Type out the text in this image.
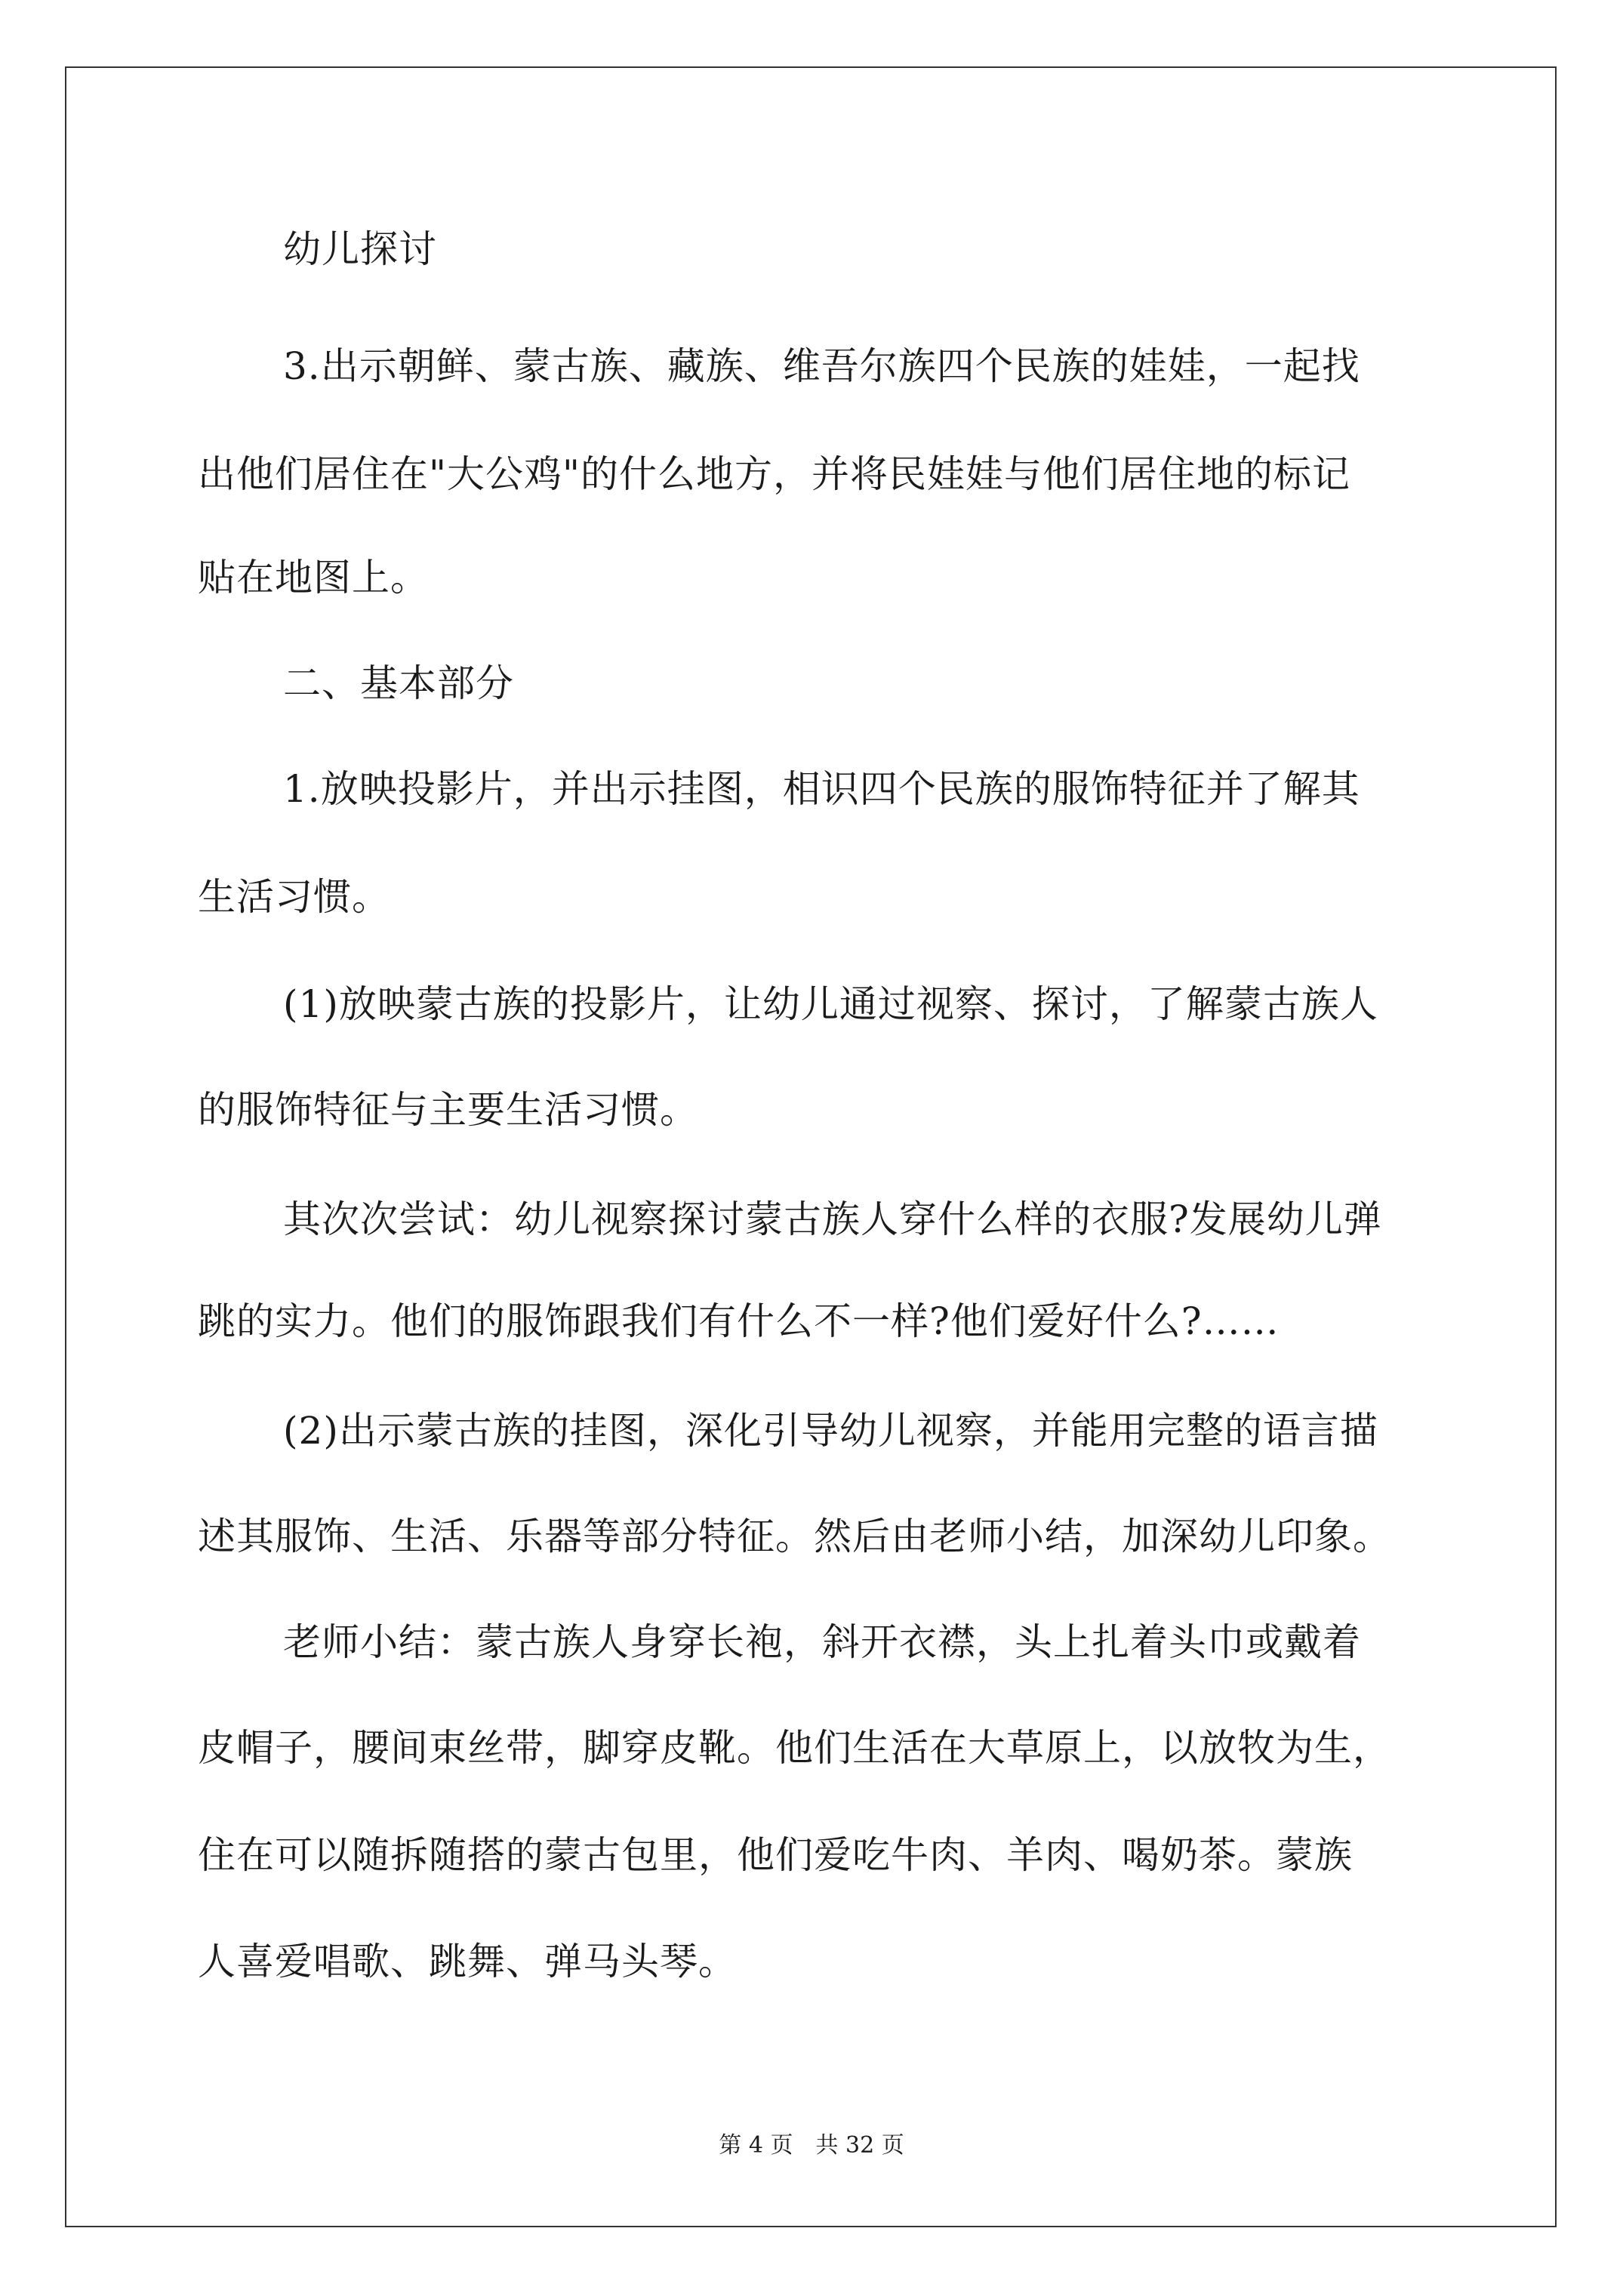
幼儿探讨
3.出示朝鲜、蒙古族、藏族、维吾尔族四个民族的娃娃，一起找
出他们居住在"大公鸡"的什么地方，并将民娃娃与他们居住地的标记
贴在地图上。
二、基本部分
1.放映投影片，并出示挂图，相识四个民族的服饰特征并了解其
生活习惯。
(1)放映蒙古族的投影片，让幼儿通过视察、探讨，了解蒙古族人
的服饰特征与主要生活习惯。
其次次尝试：幼儿视察探讨蒙古族人穿什么样的衣服?发展幼儿弹
跳的实力。他们的服饰跟我们有什么不一样?他们爱好什么?……
(2)出示蒙古族的挂图，深化引导幼儿视察，并能用完整的语言描
述其服饰、生活、乐器等部分特征。然后由老师小结，加深幼儿印象。
老师小结：蒙古族人身穿长袍，斜开衣襟，头上扎着头巾或戴着
皮帽子，腰间束丝带，脚穿皮靴。他们生活在大草原上，以放牧为生，
住在可以随拆随搭的蒙古包里，他们爱吃牛肉、羊肉、喝奶茶。蒙族
人喜爱唱歌、跳舞、弹马头琴。
第 4 页　共 32 页
